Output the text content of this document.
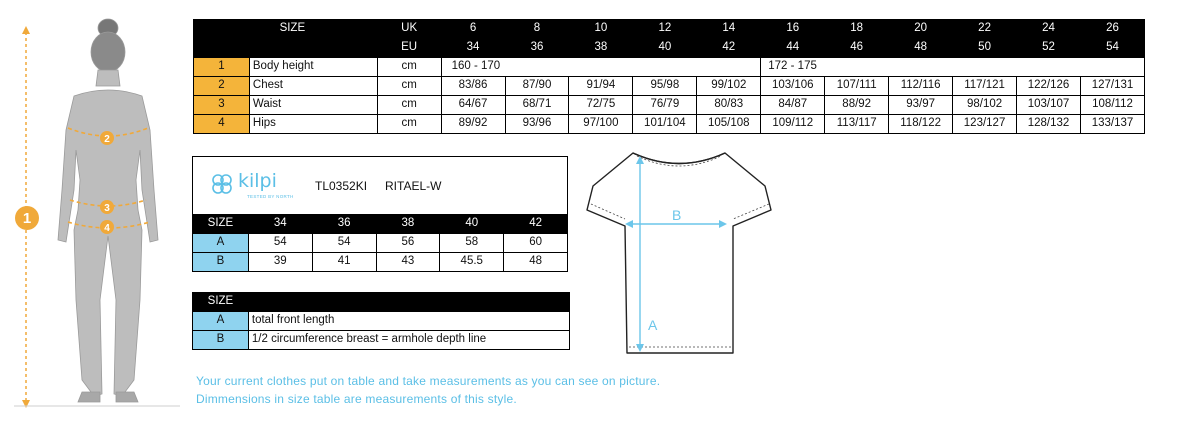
1
2
3
4
SIZE		UK	6	8	10	12	14	16	18	20	22	24	26
		EU	34	36	38	40	42	44	46	48	50	52	54
1	Body height	cm	160 - 170					172 - 175					
2	Chest	cm	83/86	87/90	91/94	95/98	99/102	103/106	107/111	112/116	117/121	122/126	127/131
3	Waist	cm	64/67	68/71	72/75	76/79	80/83	84/87	88/92	93/97	98/102	103/107	108/112
4	Hips	cm	89/92	93/96	97/100	101/104	105/108	109/112	113/117	118/122	123/127	128/132	133/137
kilpi
TESTED BY NORTH
TL0352KI RITAEL-W
SIZE	34	36	38	40	42
A	54	54	56	58	60
B	39	41	43	45.5	48
SIZE	
A	total front length
B	1/2 circumference breast = armhole depth line
A
B
Your current clothes put on table and take measurements as you can see on picture.
Dimmensions in size table are measurements of this style.
